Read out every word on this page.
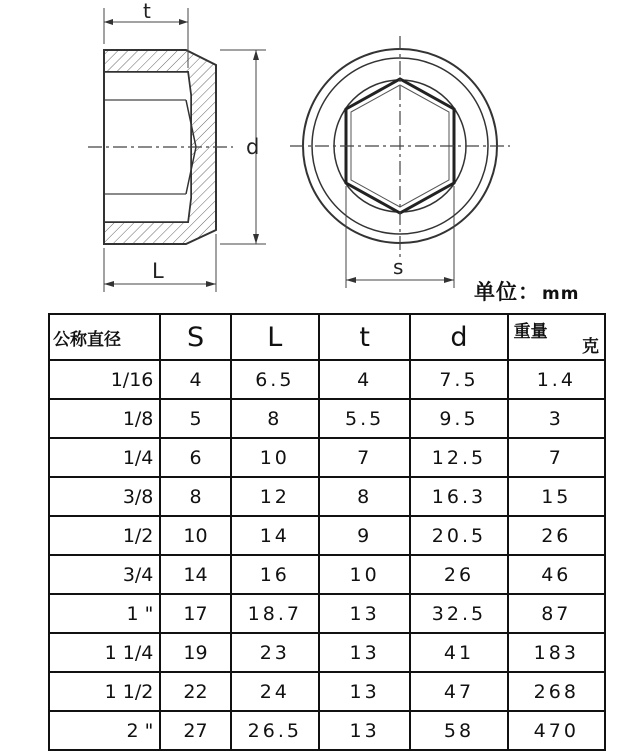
t
d
L	s
单位： mm
公称直径	S	L	t	d	重量
克

1/16	4	6.5	4	7.5	1.4
1/8	5	8	5.5	9.5	3
1/4	6	10	7	12.5	7
3/8	8	12	8	16.3	15
1/2	10	14	9	20.5	26
3/4	14	16	10	26	46
1 "	17	18.7	13	32.5	87
1 1/4	19	23	13	41	183
1 1/2	22	24	13	47	268
2 "	27	26.5	13	58	470
